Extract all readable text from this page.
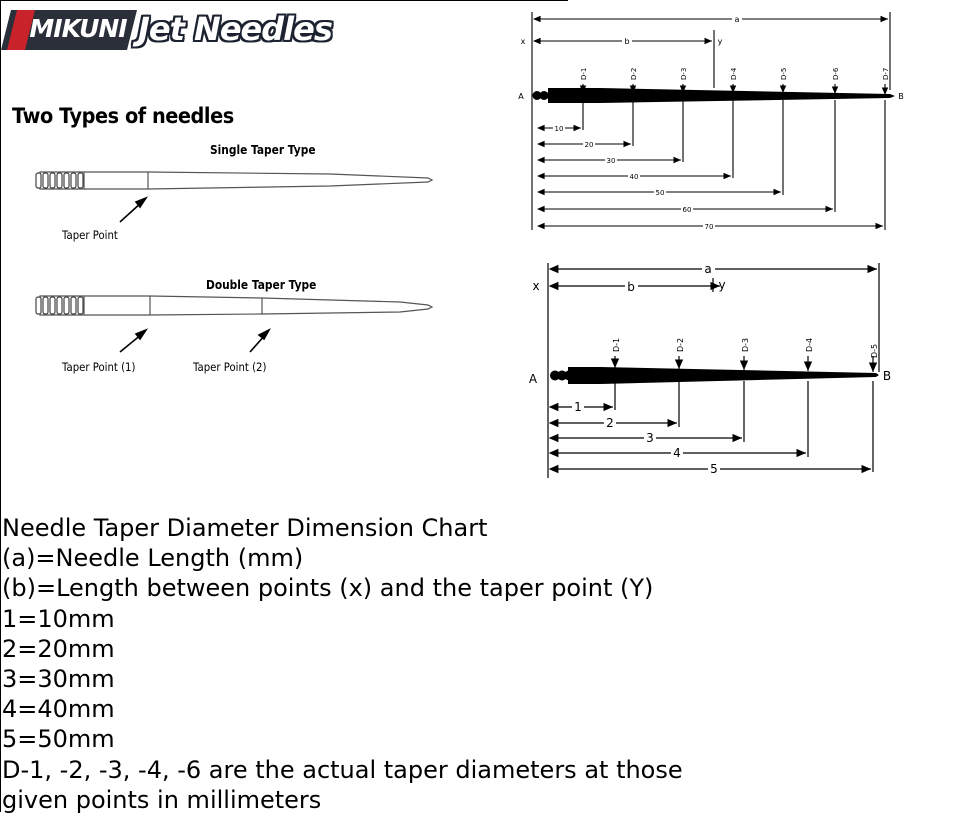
MIKUNI Jet Needles
Two Types of needles
Single Taper Type
Double Taper Type
Taper Point
Taper Point (1)	Taper Point (2)
a
b
x	y
A	B
D-1	D-2	D-3	D-4	D-5	D-6	D-7
10
20
30
40
50
60
70
a
b
x	y
A	B
D-1	D-2	D-3	D-4	D-5
1
2
3
4
5
Needle Taper Diameter Dimension Chart
(a)=Needle Length (mm)
(b)=Length between points (x) and the taper point (Y)
1=10mm
2=20mm
3=30mm
4=40mm
5=50mm
D-1, -2, -3, -4, -6 are the actual taper diameters at those
given points in millimeters
